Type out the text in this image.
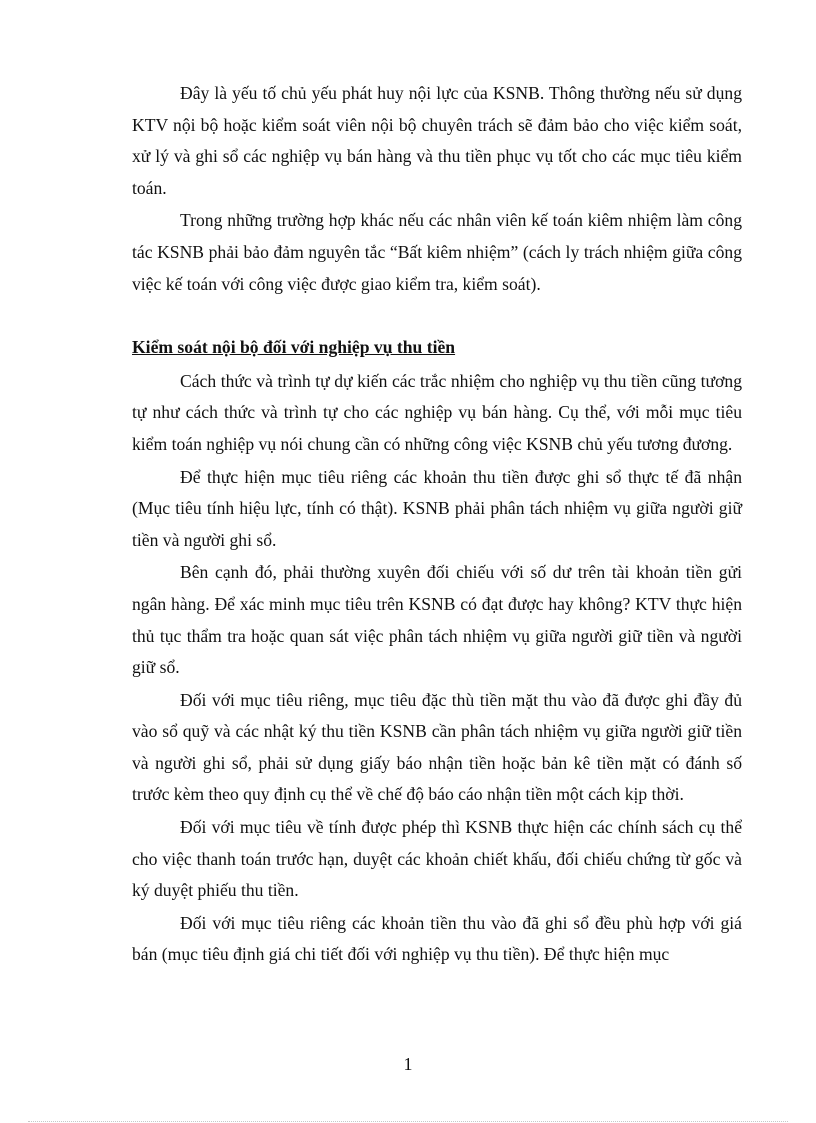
Đây là yếu tố chủ yếu phát huy nội lực của KSNB. Thông thường nếu sử dụng KTV nội bộ hoặc kiểm soát viên nội bộ chuyên trách sẽ đảm bảo cho việc kiểm soát, xử lý và ghi sổ các nghiệp vụ bán hàng và thu tiền phục vụ tốt cho các mục tiêu kiểm toán.

Trong những trường hợp khác nếu các nhân viên kế toán kiêm nhiệm làm công tác KSNB phải bảo đảm nguyên tắc “Bất kiêm nhiệm” (cách ly trách nhiệm giữa công việc kế toán với công việc được giao kiểm tra, kiểm soát).

Kiểm soát nội bộ đối với nghiệp vụ thu tiền

Cách thức và trình tự dự kiến các trắc nhiệm cho nghiệp vụ thu tiền cũng tương tự như cách thức và trình tự cho các nghiệp vụ bán hàng. Cụ thể, với mỗi mục tiêu kiểm toán nghiệp vụ nói chung cần có những công việc KSNB chủ yếu tương đương.

Để thực hiện mục tiêu riêng các khoản thu tiền được ghi sổ thực tế đã nhận (Mục tiêu tính hiệu lực, tính có thật). KSNB phải phân tách nhiệm vụ giữa người giữ tiền và người ghi sổ.

Bên cạnh đó, phải thường xuyên đối chiếu với số dư trên tài khoản tiền gửi ngân hàng. Để xác minh mục tiêu trên KSNB có đạt được hay không? KTV thực hiện thủ tục thẩm tra hoặc quan sát việc phân tách nhiệm vụ giữa người giữ tiền và người giữ sổ.

Đối với mục tiêu riêng, mục tiêu đặc thù tiền mặt thu vào đã được ghi đầy đủ vào sổ quỹ và các nhật ký thu tiền KSNB cần phân tách nhiệm vụ giữa người giữ tiền và người ghi sổ, phải sử dụng giấy báo nhận tiền hoặc bản kê tiền mặt có đánh số trước kèm theo quy định cụ thể về chế độ báo cáo nhận tiền một cách kịp thời.

Đối với mục tiêu về tính được phép thì KSNB thực hiện các chính sách cụ thể cho việc thanh toán trước hạn, duyệt các khoản chiết khấu, đối chiếu chứng từ gốc và ký duyệt phiếu thu tiền.

Đối với mục tiêu riêng các khoản tiền thu vào đã ghi sổ đều phù hợp với giá bán (mục tiêu định giá chi tiết đối với nghiệp vụ thu tiền). Để thực hiện mục

1
